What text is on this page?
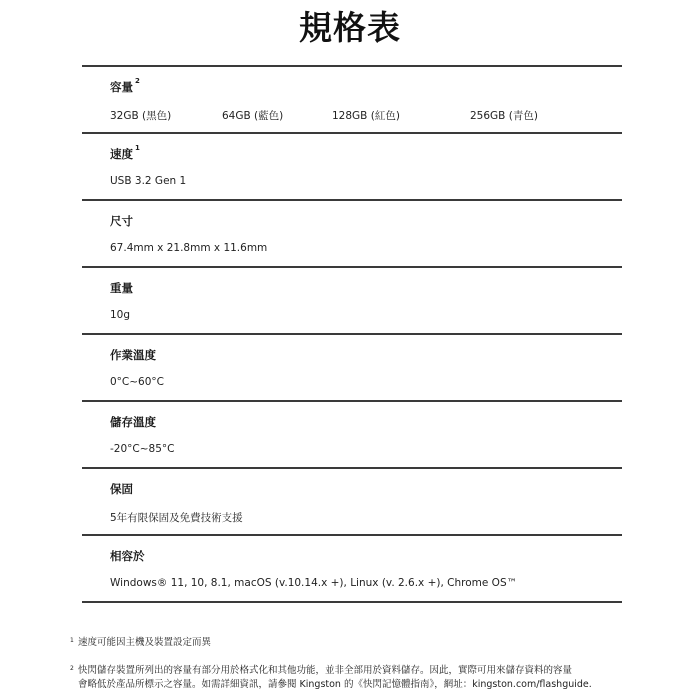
規格表
容量 $^2$
32GB (黑色)	64GB (藍色)	128GB (紅色)	256GB (青色)
速度 $^1$
USB 3.2 Gen 1
尺寸
67.4mm x 21.8mm x 11.6mm
重量
10g
作業溫度
0°C~60°C
儲存溫度
-20°C~85°C
保固
5年有限保固及免費技術支援
相容於
Windows® 11, 10, 8.1, macOS (v.10.14.x +), Linux (v. 2.6.x +), Chrome OS™
1 速度可能因主機及裝置設定而異
2 快閃儲存裝置所列出的容量有部分用於格式化和其他功能，並非全部用於資料儲存。因此，實際可用來儲存資料的容量
會略低於產品所標示之容量。如需詳細資訊，請參閱 Kingston 的《快閃記憶體指南》，網址：kingston.com/flashguide.
